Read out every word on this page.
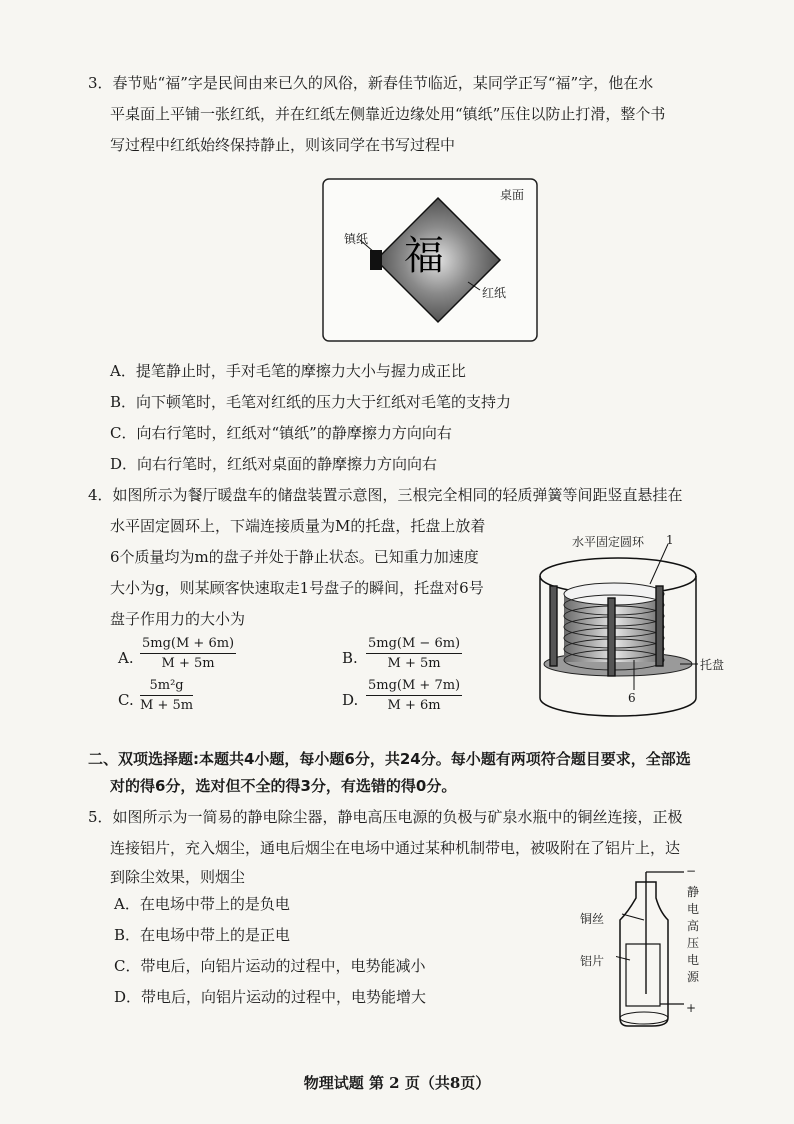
3．春节贴“福”字是民间由来已久的风俗，新春佳节临近，某同学正写“福”字，他在水
平桌面上平铺一张红纸，并在红纸左侧靠近边缘处用“镇纸”压住以防止打滑，整个书
写过程中红纸始终保持静止，则该同学在书写过程中
桌面
镇纸
红纸
福
A．提笔静止时，手对毛笔的摩擦力大小与握力成正比
B．向下顿笔时，毛笔对红纸的压力大于红纸对毛笔的支持力
C．向右行笔时，红纸对“镇纸”的静摩擦力方向向右
D．向右行笔时，红纸对桌面的静摩擦力方向向右
4．如图所示为餐厅暖盘车的储盘装置示意图，三根完全相同的轻质弹簧等间距竖直悬挂在
水平固定圆环上，下端连接质量为M的托盘，托盘上放着
6个质量均为m的盘子并处于静止状态。已知重力加速度
大小为g，则某顾客快速取走1号盘子的瞬间，托盘对6号
盘子作用力的大小为
A. $\frac{5mg(M + 6m)}{M + 5m}$	B. $\frac{5mg(M - 6m)}{M + 5m}$
C. $\frac{\text{5m²g}}{M + 5m}$	D. $\frac{5mg(M + 7m)}{M + 6m}$
水平固定圆环 1
托盘
6
二、双项选择题:本题共4小题，每小题6分，共24分。每小题有两项符合题目要求，全部选
对的得6分，选对但不全的得3分，有选错的得0分。
5．如图所示为一简易的静电除尘器，静电高压电源的负极与矿泉水瓶中的铜丝连接，正极
连接铝片，充入烟尘，通电后烟尘在电场中通过某种机制带电，被吸附在了铝片上，达
到除尘效果，则烟尘
A．在电场中带上的是负电
B．在电场中带上的是正电
C．带电后，向铝片运动的过程中，电势能减小
D．带电后，向铝片运动的过程中，电势能增大
−
+
铜丝
铝片
静
电
高
压
电
源
物理试题 第 2 页（共8页）
